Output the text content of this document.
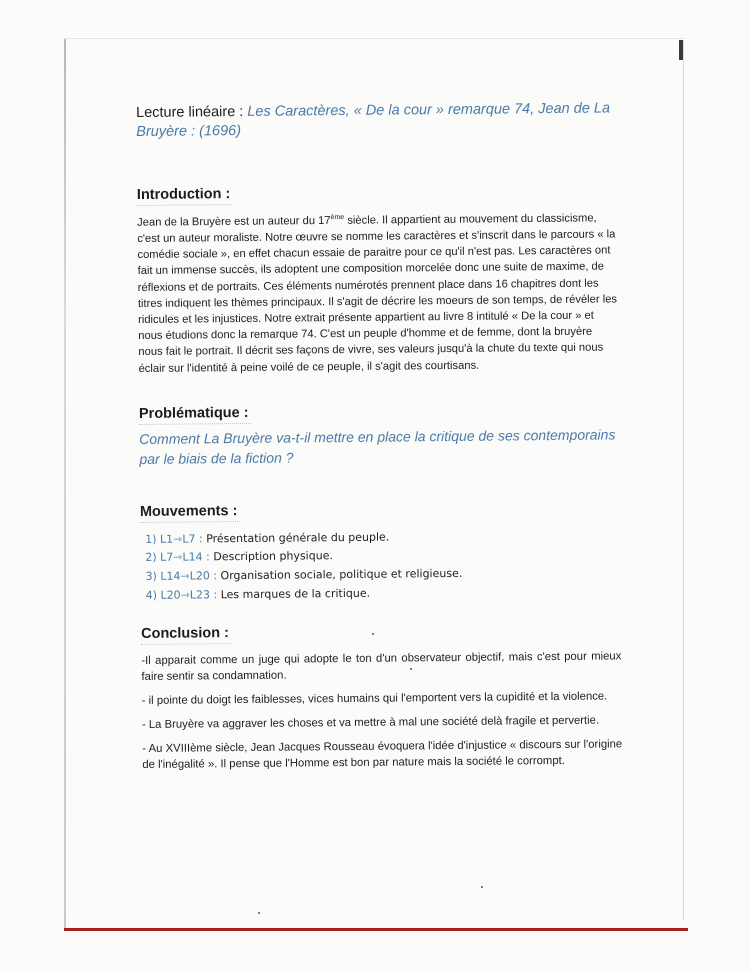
Lecture linéaire : Les Caractères, « De la cour » remarque 74, Jean de La Bruyère : (1696)

Introduction :

Jean de la Bruyère est un auteur du 17ème siècle. Il appartient au mouvement du classicisme, c'est un auteur moraliste. Notre œuvre se nomme les caractères et s'inscrit dans le parcours « la comédie sociale », en effet chacun essaie de paraitre pour ce qu'il n'est pas. Les caractères ont fait un immense succès, ils adoptent une composition morcelée donc une suite de maxime, de réflexions et de portraits. Ces éléments numérotés prennent place dans 16 chapitres dont les titres indiquent les thèmes principaux. Il s'agit de décrire les moeurs de son temps, de révéler les ridicules et les injustices. Notre extrait présente appartient au livre 8 intitulé « De la cour » et nous étudions donc la remarque 74. C'est un peuple d'homme et de femme, dont la bruyère nous fait le portrait. Il décrit ses façons de vivre, ses valeurs jusqu'à la chute du texte qui nous éclair sur l'identité à peine voilé de ce peuple, il s'agit des courtisans.

Problématique :

Comment La Bruyère va-t-il mettre en place la critique de ses contemporains par le biais de la fiction ?

Mouvements :
1) L1⇾L7 : Présentation générale du peuple.
2) L7⇾L14 : Description physique.
3) L14⇾L20 : Organisation sociale, politique et religieuse.
4) L20⇾L23 : Les marques de la critique.
Conclusion :

-Il apparait comme un juge qui adopte le ton d'un observateur objectif, mais c'est pour mieux faire sentir sa condamnation.

- il pointe du doigt les faiblesses, vices humains qui l'emportent vers la cupidité et la violence.

- La Bruyère va aggraver les choses et va mettre à mal une société delà fragile et pervertie.

- Au XVIIIème siècle, Jean Jacques Rousseau évoquera l'idée d'injustice « discours sur l'origine de l'inégalité ». Il pense que l'Homme est bon par nature mais la société le corrompt.
